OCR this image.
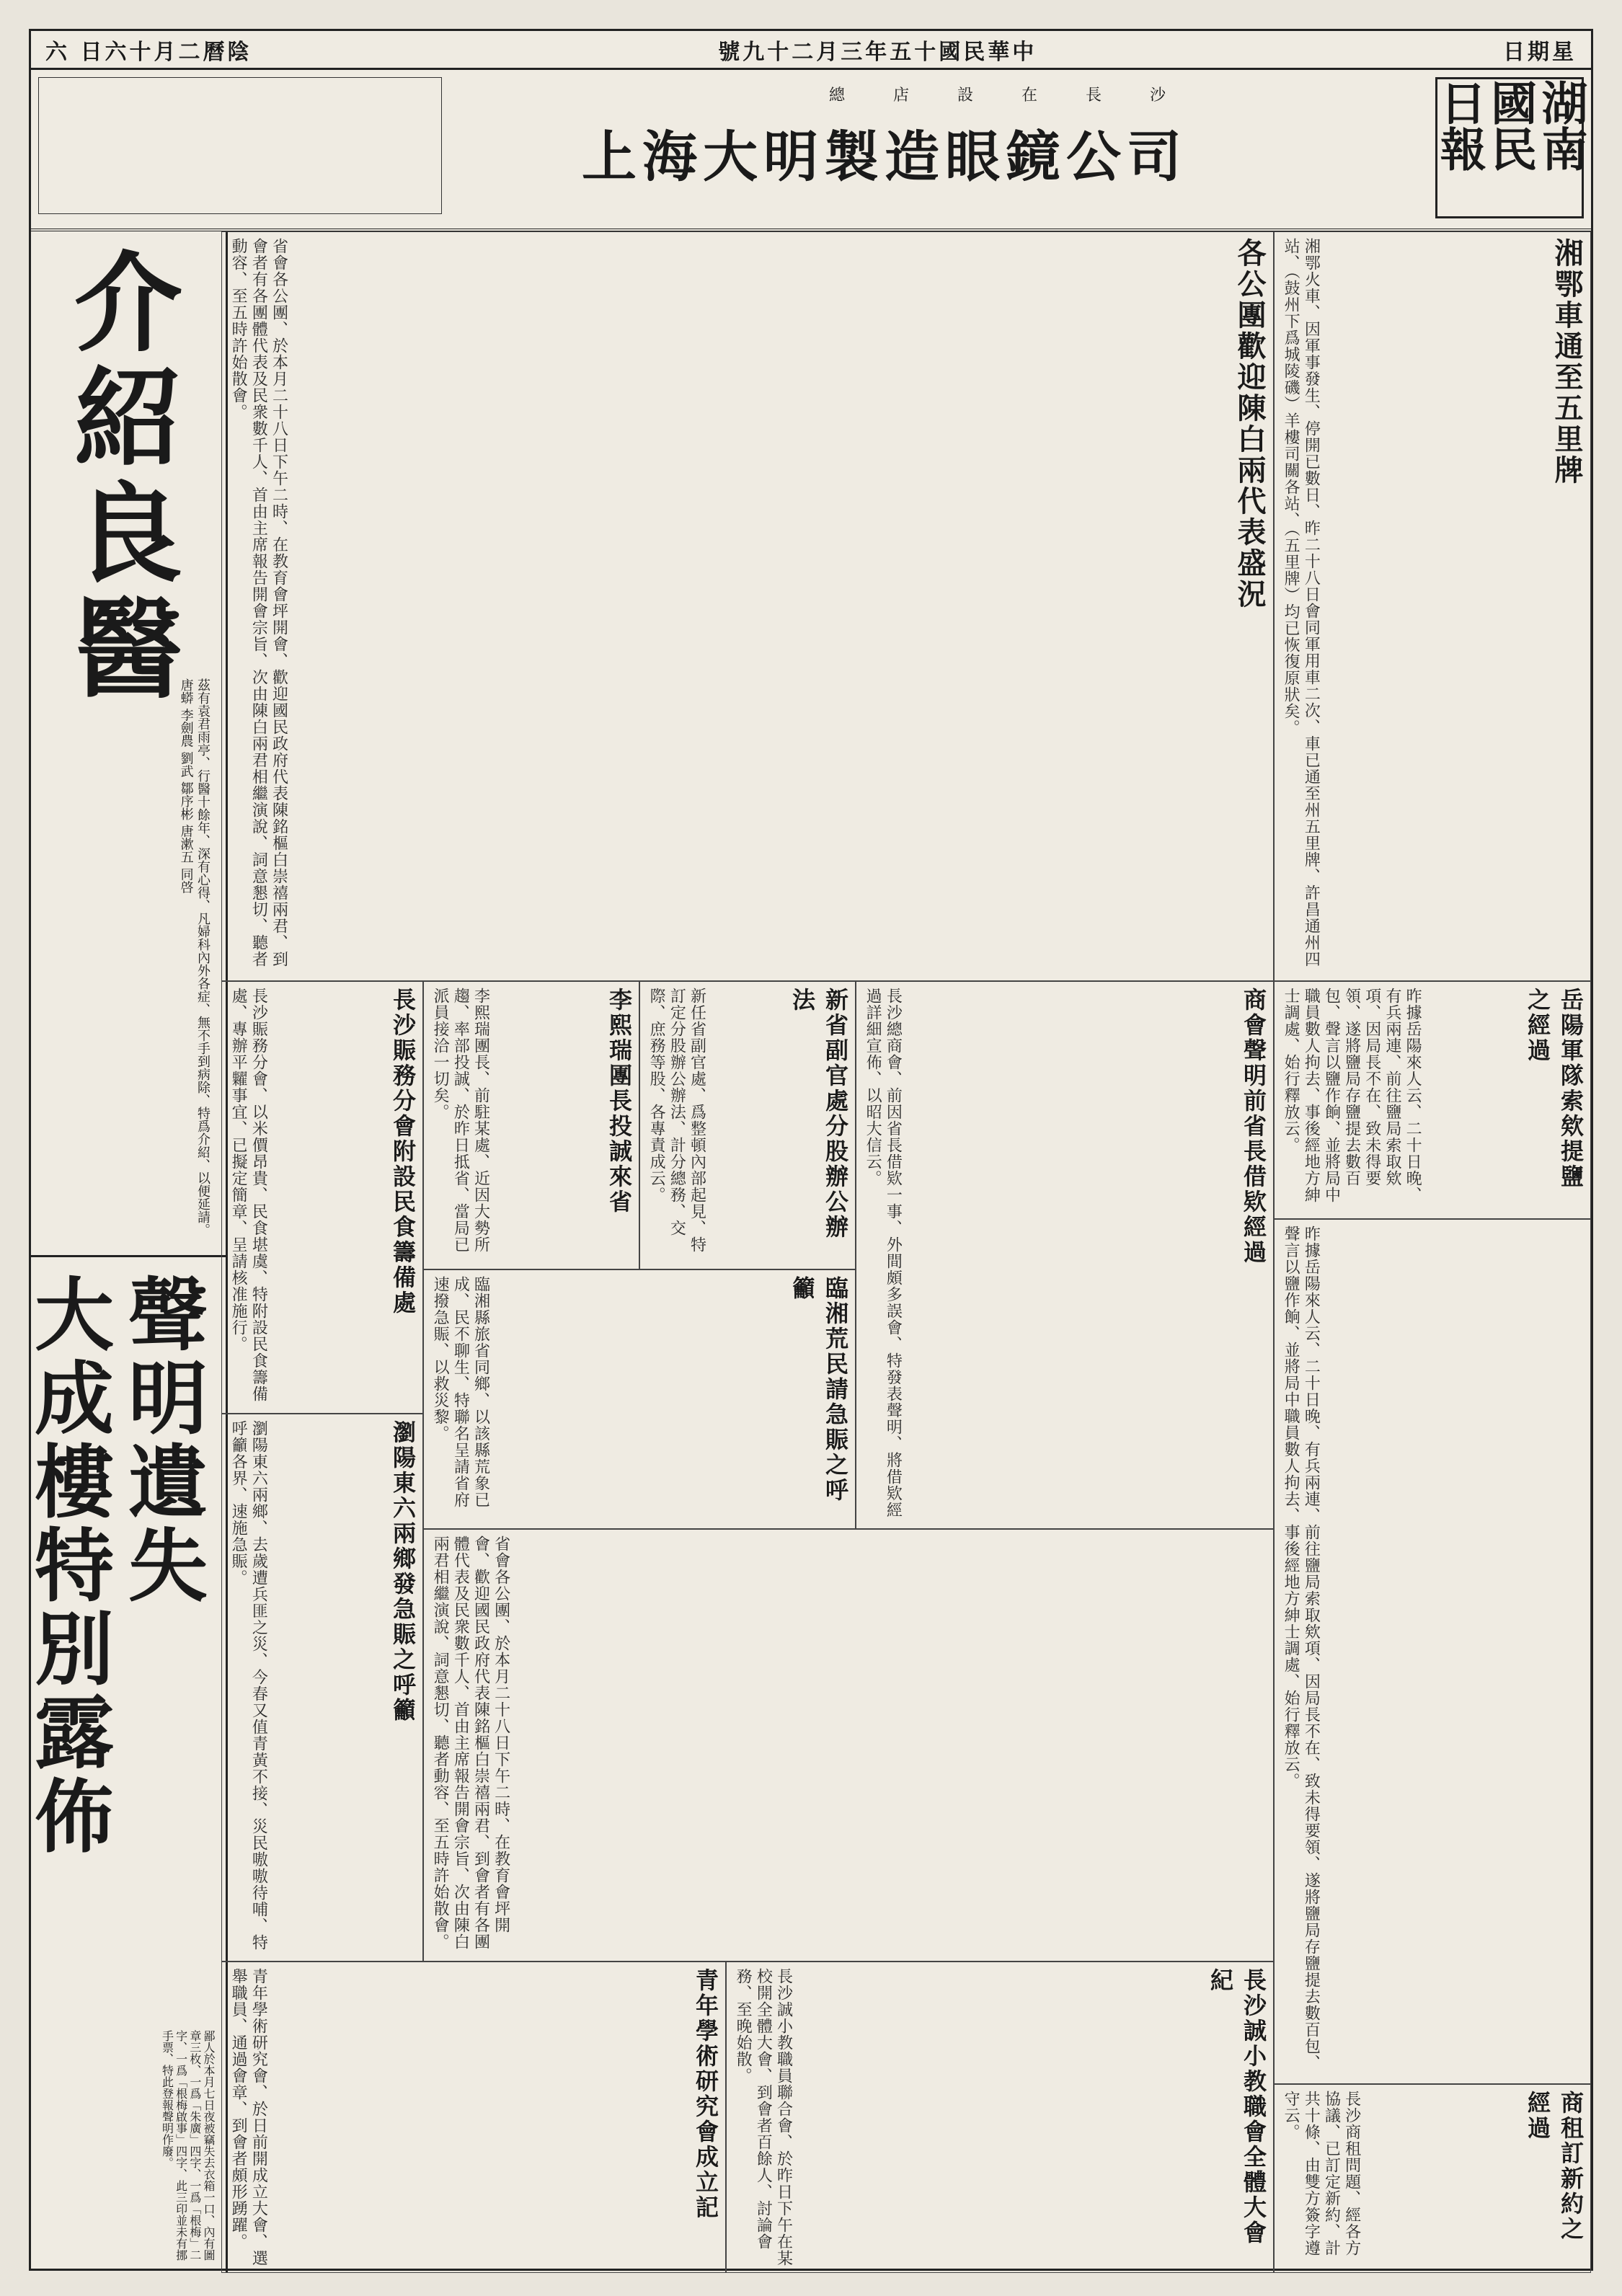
日期星
號九十二月三年五十國民華中
六 日六十月二曆陰
湖南國民日報
總 店 設 在 長 沙
上海大明製造眼鏡公司
介紹良醫
茲有袁君雨亭、行醫十餘年、深有心得、凡婦科內外各症、無不手到病除、特爲介紹、以便延請。 唐蟒 李劍農 劉武 鄒序彬 唐漱五 同啓
聲明遺失
大成樓特別露佈
鄙人於本月七日夜被竊失去衣箱一口、內有圖章三枚、一爲「朱廣」四字、一爲「根梅」二字、一爲「根梅啟事」四字、此三印並未有挪手票、特此登報聲明作廢。
湘鄂車通至五里牌
湘鄂火車、因軍事發生、停開已數日、昨二十八日會同軍用車二次、車已通至州五里牌、許昌通州四站、（鼓州下爲城陵磯）羊樓司關各站、（五里牌）均已恢復原狀矣。
各公團歡迎陳白兩代表盛況
省會各公團、於本月二十八日下午二時、在教育會坪開會、歡迎國民政府代表陳銘樞白崇禧兩君、到會者有各團體代表及民衆數千人、首由主席報告開會宗旨、次由陳白兩君相繼演說、詞意懇切、聽者動容、至五時許始散會。
岳陽軍隊索欸提鹽之經過
昨據岳陽來人云、二十日晚、有兵兩連、前往鹽局索取欸項、因局長不在、致未得要領、遂將鹽局存鹽提去數百包、聲言以鹽作餉、並將局中職員數人拘去、事後經地方紳士調處、始行釋放云。
商會聲明前省長借欵經過
長沙總商會、前因省長借欵一事、外間頗多誤會、特發表聲明、將借欵經過詳細宣佈、以昭大信云。
新省副官處分股辦公辦法
新任省副官處、爲整頓內部起見、特訂定分股辦公辦法、計分總務、交際、庶務等股、各專責成云。
李熙瑞團長投誠來省
李熙瑞團長、前駐某處、近因大勢所趨、率部投誠、於昨日抵省、當局已派員接洽一切矣。
長沙賑務分會附設民食籌備處
長沙賑務分會、以米價昂貴、民食堪虞、特附設民食籌備處、專辦平糶事宜、已擬定簡章、呈請核准施行。
昨據岳陽來人云、二十日晚、有兵兩連、前往鹽局索取欸項、因局長不在、致未得要領、遂將鹽局存鹽提去數百包、聲言以鹽作餉、並將局中職員數人拘去、事後經地方紳士調處、始行釋放云。
臨湘荒民請急賑之呼籲
臨湘縣旅省同鄉、以該縣荒象已成、民不聊生、特聯名呈請省府速撥急賑、以救災黎。
瀏陽東六兩鄉發急賑之呼籲
瀏陽東六兩鄉、去歲遭兵匪之災、今春又值青黃不接、災民嗷嗷待哺、特呼籲各界、速施急賑。
省會各公團、於本月二十八日下午二時、在教育會坪開會、歡迎國民政府代表陳銘樞白崇禧兩君、到會者有各團體代表及民衆數千人、首由主席報告開會宗旨、次由陳白兩君相繼演說、詞意懇切、聽者動容、至五時許始散會。
商租訂新約之經過
長沙商租問題、經各方協議、已訂定新約、計共十條、由雙方簽字遵守云。
長沙誠小教職會全體大會紀
長沙誠小教職員聯合會、於昨日下午在某校開全體大會、到會者百餘人、討論會務、至晚始散。
青年學術研究會成立記
青年學術研究會、於日前開成立大會、選舉職員、通過會章、到會者頗形踴躍。
